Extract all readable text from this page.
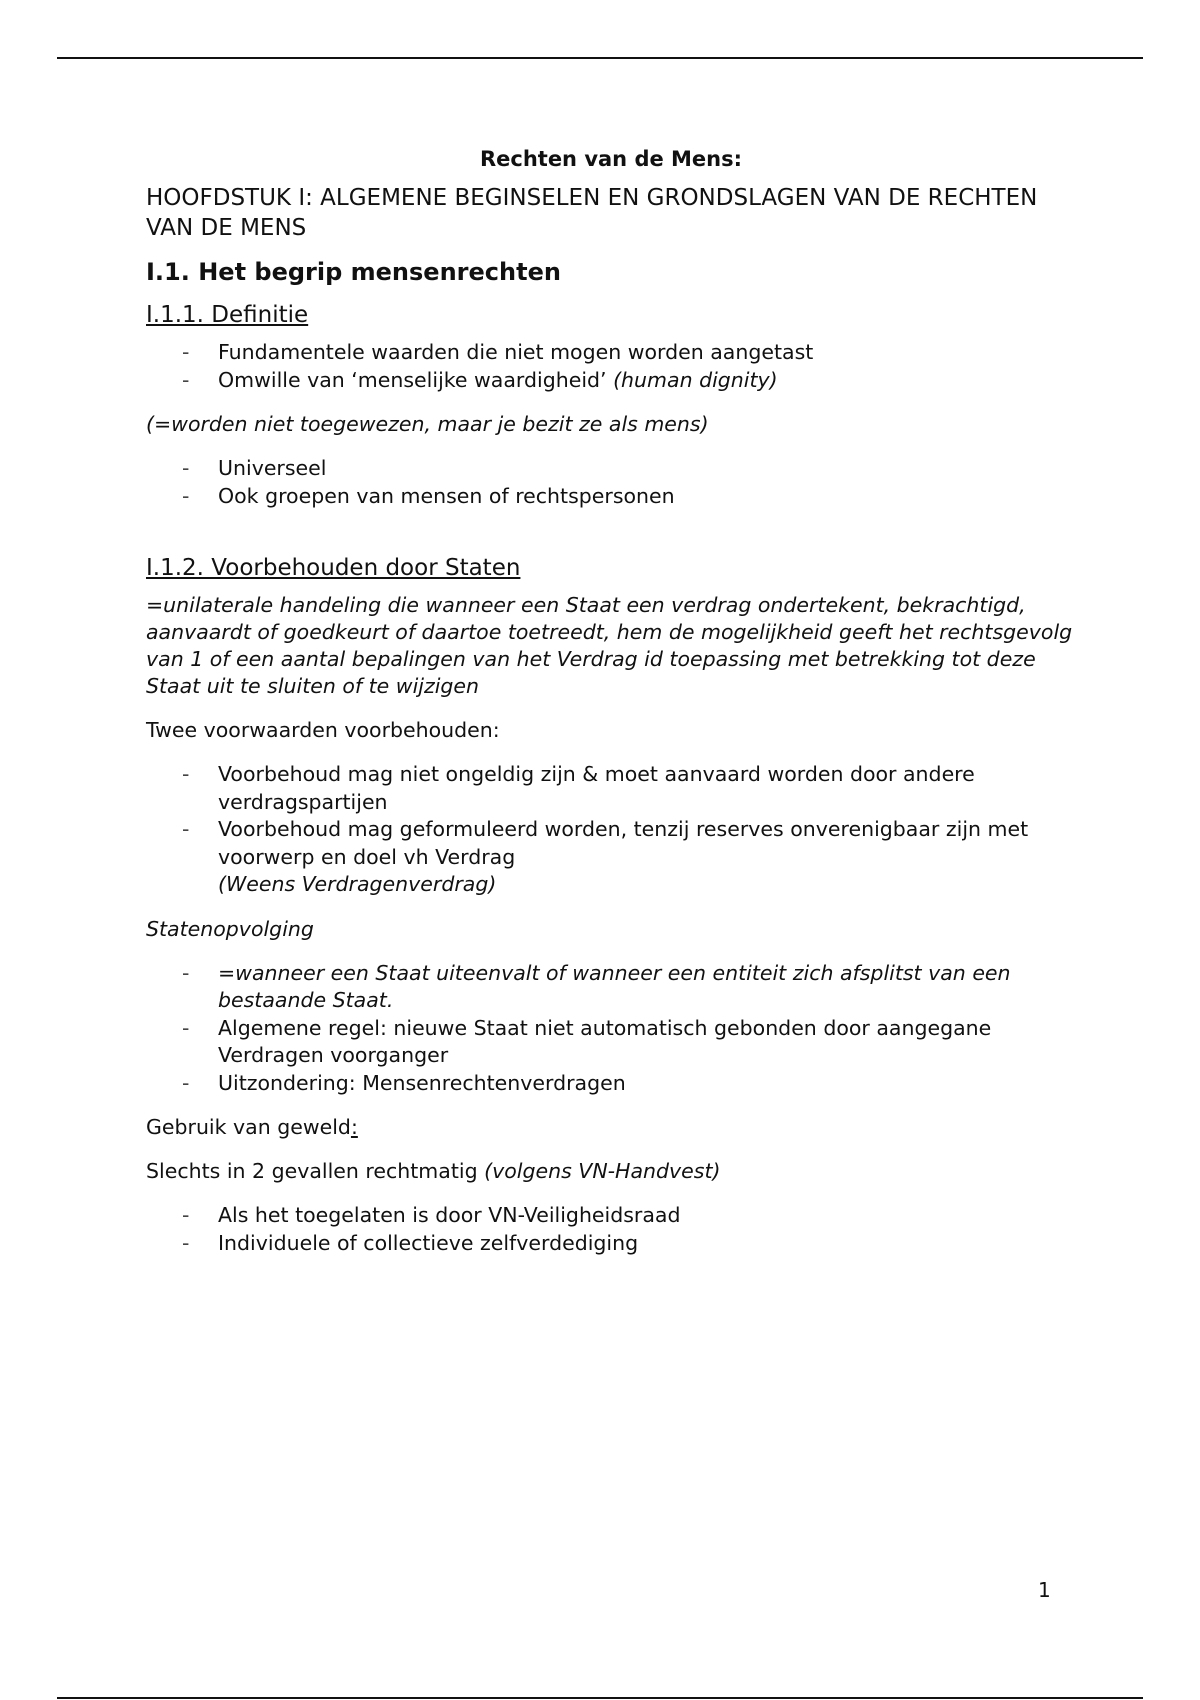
Rechten van de Mens:
HOOFDSTUK I: ALGEMENE BEGINSELEN EN GRONDSLAGEN VAN DE RECHTEN VAN DE MENS
I.1. Het begrip mensenrechten
I.1.1. Definitie
- Fundamentele waarden die niet mogen worden aangetast
- Omwille van ‘menselijke waardigheid’ (human dignity)

(=worden niet toegewezen, maar je bezit ze als mens)

- Universeel
- Ook groepen van mensen of rechtspersonen
I.1.2. Voorbehouden door Staten

=unilaterale handeling die wanneer een Staat een verdrag ondertekent, bekrachtigd, aanvaardt of goedkeurt of daartoe toetreedt, hem de mogelijkheid geeft het rechtsgevolg van 1 of een aantal bepalingen van het Verdrag id toepassing met betrekking tot deze Staat uit te sluiten of te wijzigen

Twee voorwaarden voorbehouden:

- Voorbehoud mag niet ongeldig zijn & moet aanvaard worden door andere verdragspartijen
- Voorbehoud mag geformuleerd worden, tenzij reserves onverenigbaar zijn met voorwerp en doel vh Verdrag
(Weens Verdragenverdrag)

Statenopvolging

- =wanneer een Staat uiteenvalt of wanneer een entiteit zich afsplitst van een bestaande Staat.
- Algemene regel: nieuwe Staat niet automatisch gebonden door aangegane Verdragen voorganger
- Uitzondering: Mensenrechtenverdragen

Gebruik van geweld:

Slechts in 2 gevallen rechtmatig (volgens VN-Handvest)

- Als het toegelaten is door VN-Veiligheidsraad
- Individuele of collectieve zelfverdediging
1
